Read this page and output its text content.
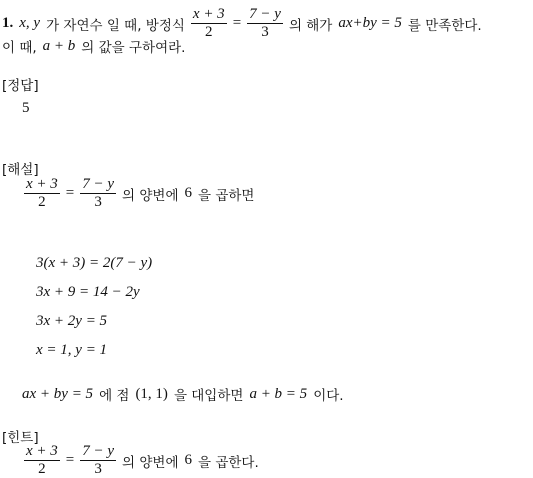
1. x, y 가 자연수 일 때, 방정식 $\frac{x + 3}{2} = \frac{7 - y}{3}$ 의 해가 ax+by = 5 를 만족한다.
이 때, a + b 의 값을 구하여라.
[정답]
5
[해설]
$\frac{x + 3}{2} = \frac{7 - y}{3}$ 의 양변에 6 을 곱하면
3(x + 3) = 2(7 − y)
3x + 9 = 14 − 2y
3x + 2y = 5
x = 1, y = 1
ax + by = 5 에 점 (1, 1) 을 대입하면 a + b = 5 이다.
[힌트]
$\frac{x + 3}{2} = \frac{7 - y}{3}$ 의 양변에 6 을 곱한다.
